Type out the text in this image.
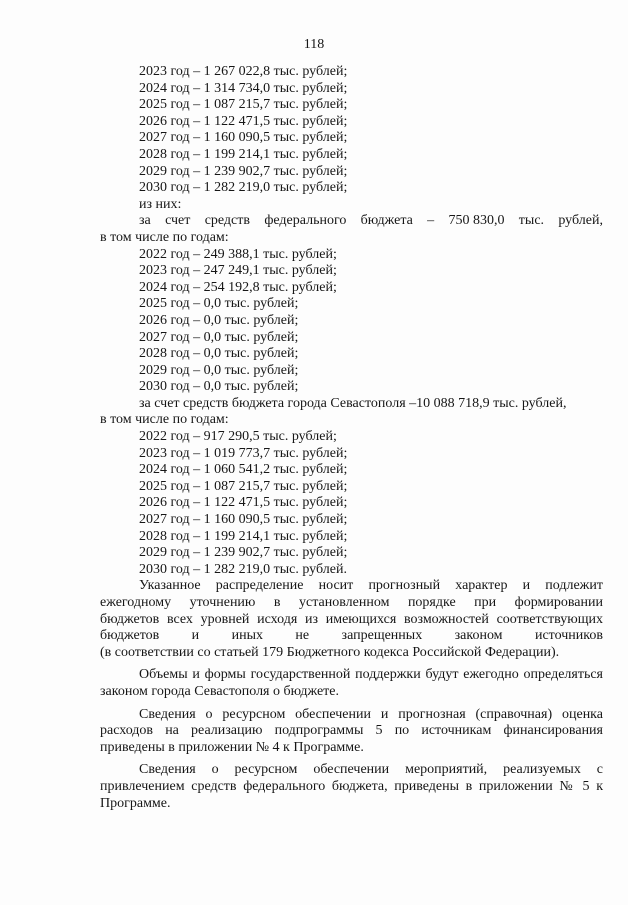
118

2023 год – 1 267 022,8 тыс. рублей;

2024 год – 1 314 734,0 тыс. рублей;

2025 год – 1 087 215,7 тыс. рублей;

2026 год – 1 122 471,5 тыс. рублей;

2027 год – 1 160 090,5 тыс. рублей;

2028 год – 1 199 214,1 тыс. рублей;

2029 год – 1 239 902,7 тыс. рублей;

2030 год – 1 282 219,0 тыс. рублей;

из них:

за счет средств федерального бюджета – 750 830,0 тыс. рублей,

в том числе по годам:

2022 год – 249 388,1 тыс. рублей;

2023 год – 247 249,1 тыс. рублей;

2024 год – 254 192,8 тыс. рублей;

2025 год – 0,0 тыс. рублей;

2026 год – 0,0 тыс. рублей;

2027 год – 0,0 тыс. рублей;

2028 год – 0,0 тыс. рублей;

2029 год – 0,0 тыс. рублей;

2030 год – 0,0 тыс. рублей;

за счет средств бюджета города Севастополя –10 088 718,9 тыс. рублей,

в том числе по годам:

2022 год – 917 290,5 тыс. рублей;

2023 год – 1 019 773,7 тыс. рублей;

2024 год – 1 060 541,2 тыс. рублей;

2025 год – 1 087 215,7 тыс. рублей;

2026 год – 1 122 471,5 тыс. рублей;

2027 год – 1 160 090,5 тыс. рублей;

2028 год – 1 199 214,1 тыс. рублей;

2029 год – 1 239 902,7 тыс. рублей;

2030 год – 1 282 219,0 тыс. рублей.

Указанное распределение носит прогнозный характер и подлежит
ежегодному уточнению в установленном порядке при формировании
бюджетов всех уровней исходя из имеющихся возможностей соответствующих
бюджетов и иных не запрещенных законом источников

(в соответствии со статьей 179 Бюджетного кодекса Российской Федерации).

Объемы и формы государственной поддержки будут ежегодно определяться законом города Севастополя о бюджете.

Сведения о ресурсном обеспечении и прогнозная (справочная) оценка расходов на реализацию подпрограммы 5 по источникам финансирования приведены в приложении № 4 к Программе.

Сведения о ресурсном обеспечении мероприятий, реализуемых с привлечением средств федерального бюджета, приведены в приложении № 5 к Программе.
